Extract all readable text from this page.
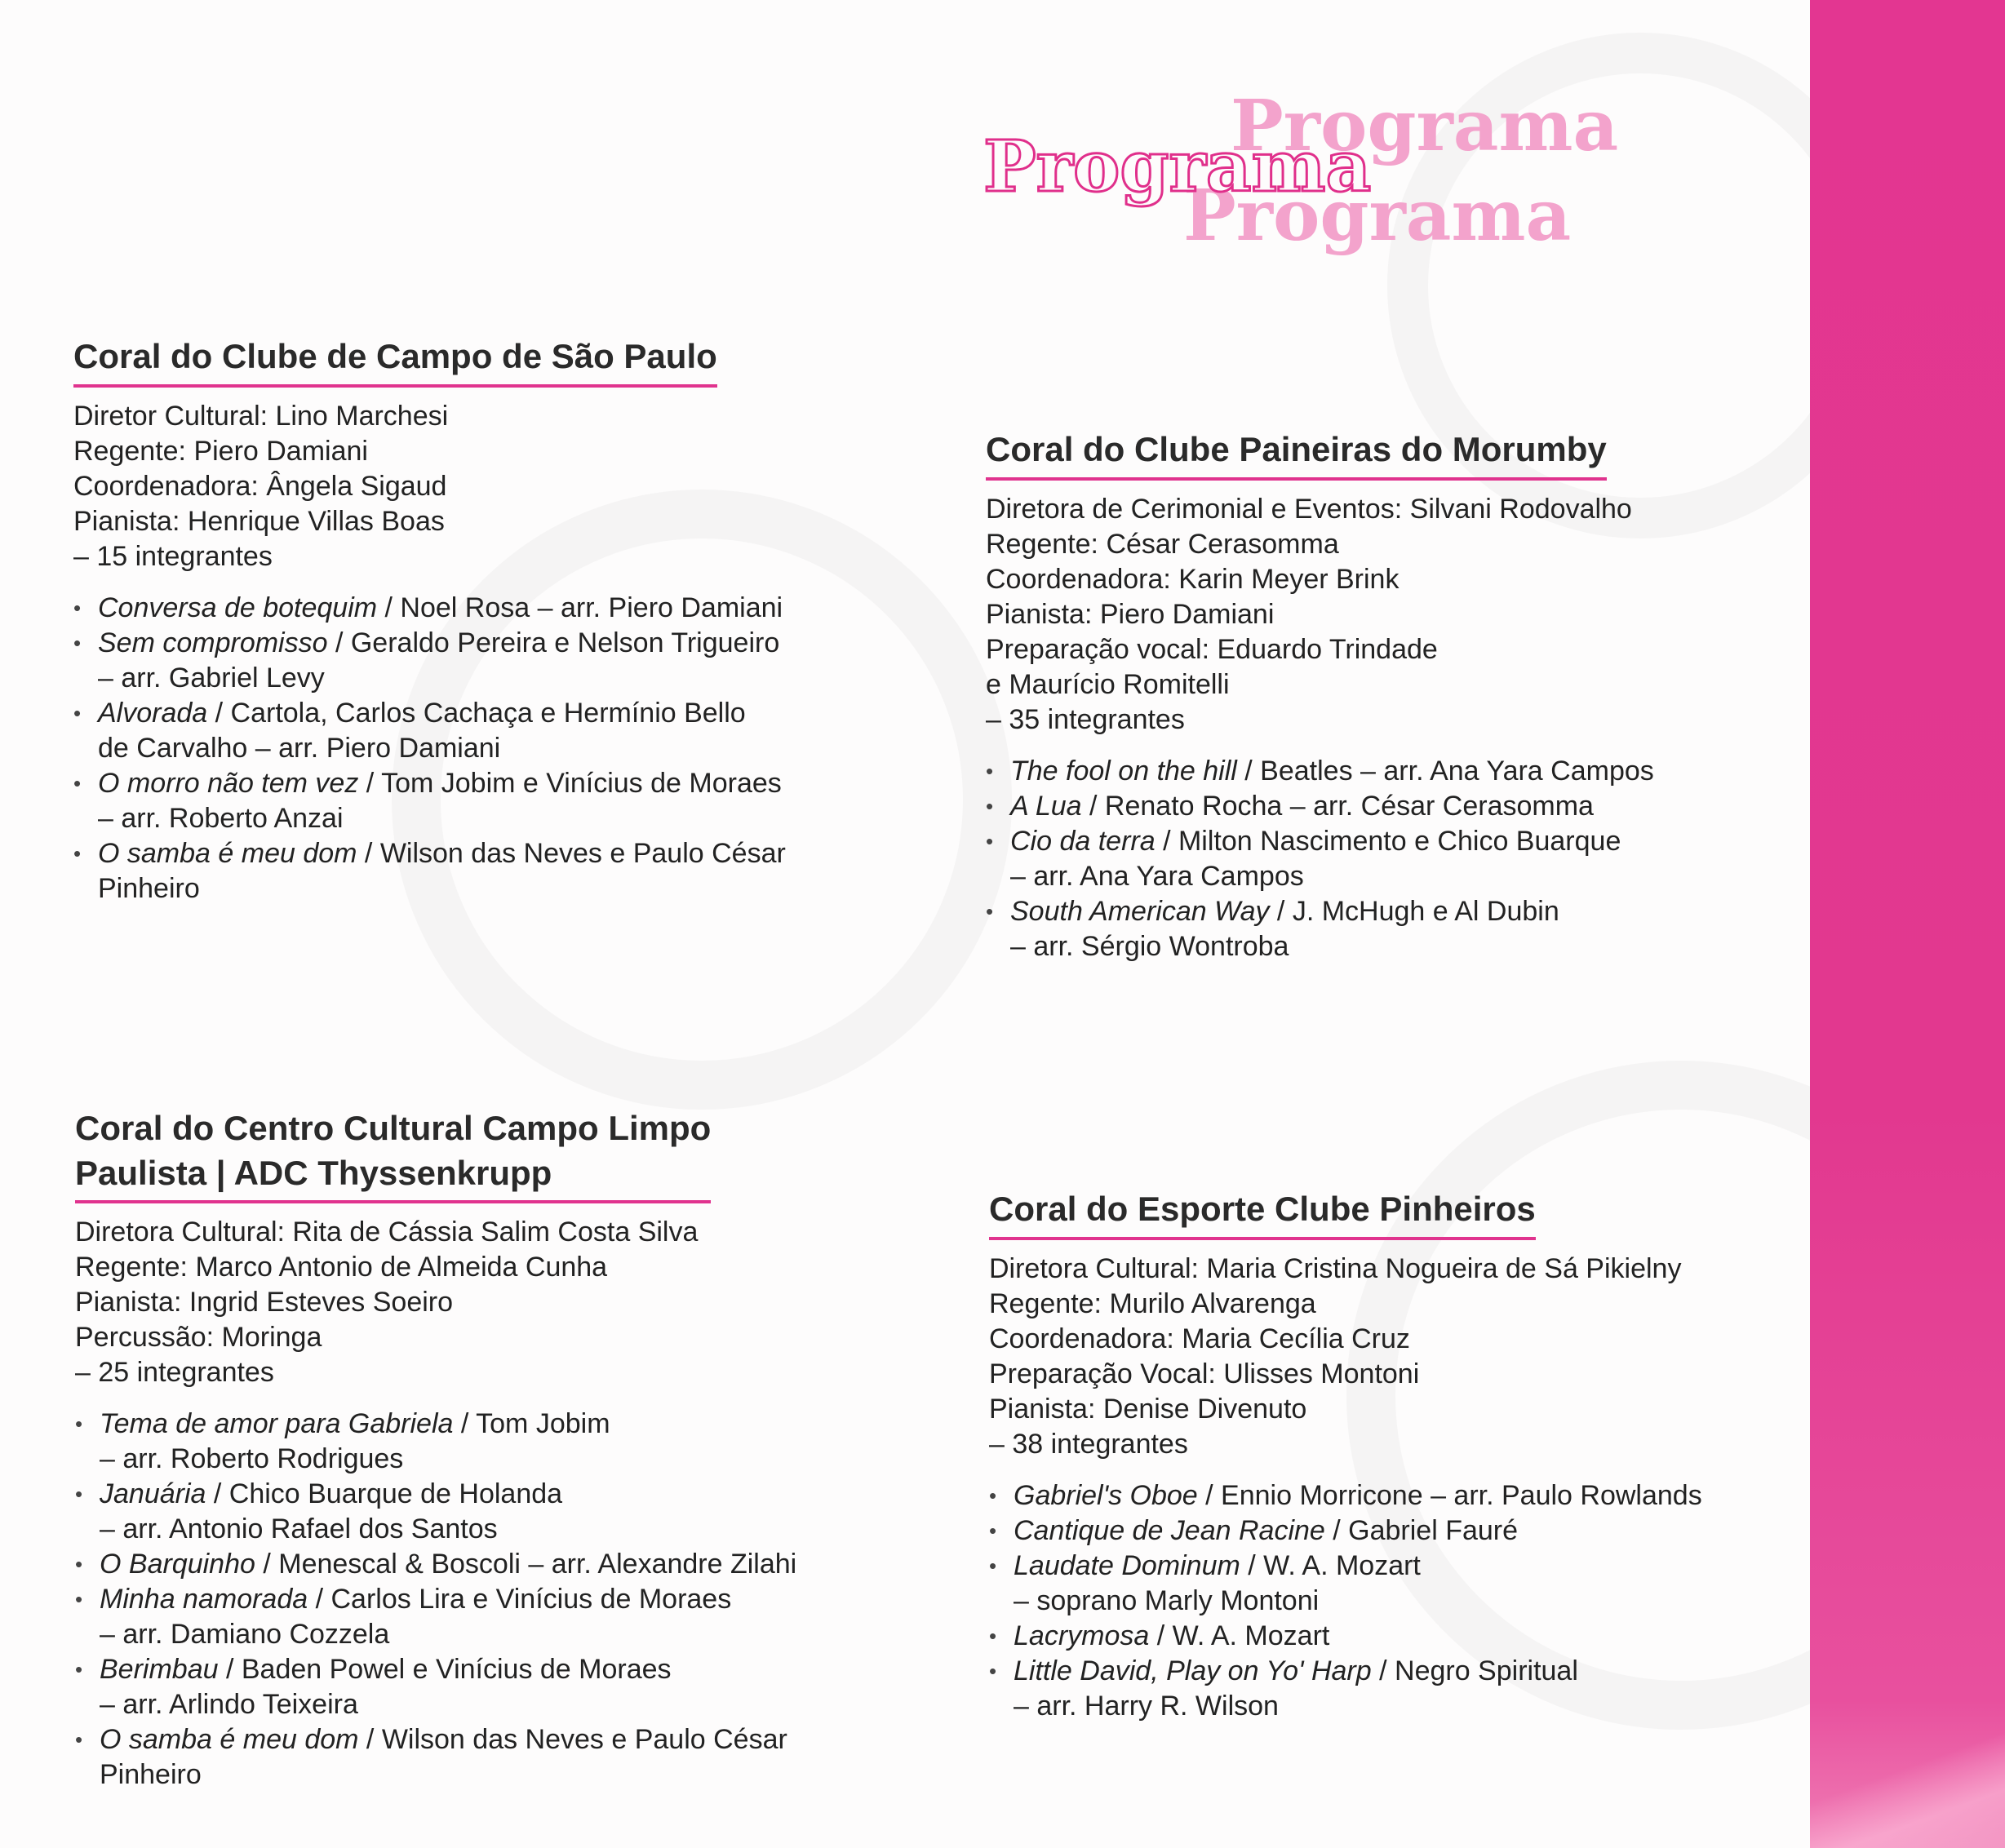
Programa
Programa
Programa
Coral do Clube de Campo de São Paulo
Diretor Cultural: Lino Marchesi
Regente: Piero Damiani
Coordenadora: Ângela Sigaud
Pianista: Henrique Villas Boas
– 15 integrantes
• Conversa de botequim / Noel Rosa – arr. Piero Damiani
• Sem compromisso / Geraldo Pereira e Nelson Trigueiro
– arr. Gabriel Levy
• Alvorada / Cartola, Carlos Cachaça e Hermínio Bello
de Carvalho – arr. Piero Damiani
• O morro não tem vez / Tom Jobim e Vinícius de Moraes
– arr. Roberto Anzai
• O samba é meu dom / Wilson das Neves e Paulo César
Pinheiro
Coral do Clube Paineiras do Morumby
Diretora de Cerimonial e Eventos: Silvani Rodovalho
Regente: César Cerasomma
Coordenadora: Karin Meyer Brink
Pianista: Piero Damiani
Preparação vocal: Eduardo Trindade
e Maurício Romitelli
– 35 integrantes
• The fool on the hill / Beatles – arr. Ana Yara Campos
• A Lua / Renato Rocha – arr. César Cerasomma
• Cio da terra / Milton Nascimento e Chico Buarque
– arr. Ana Yara Campos
• South American Way / J. McHugh e Al Dubin
– arr. Sérgio Wontroba
Coral do Centro Cultural Campo Limpo
Paulista | ADC Thyssenkrupp
Diretora Cultural: Rita de Cássia Salim Costa Silva
Regente: Marco Antonio de Almeida Cunha
Pianista: Ingrid Esteves Soeiro
Percussão: Moringa
– 25 integrantes
• Tema de amor para Gabriela / Tom Jobim
– arr. Roberto Rodrigues
• Januária / Chico Buarque de Holanda
– arr. Antonio Rafael dos Santos
• O Barquinho / Menescal & Boscoli – arr. Alexandre Zilahi
• Minha namorada / Carlos Lira e Vinícius de Moraes
– arr. Damiano Cozzela
• Berimbau / Baden Powel e Vinícius de Moraes
– arr. Arlindo Teixeira
• O samba é meu dom / Wilson das Neves e Paulo César
Pinheiro
Coral do Esporte Clube Pinheiros
Diretora Cultural: Maria Cristina Nogueira de Sá Pikielny
Regente: Murilo Alvarenga
Coordenadora: Maria Cecília Cruz
Preparação Vocal: Ulisses Montoni
Pianista: Denise Divenuto
– 38 integrantes
• Gabriel's Oboe / Ennio Morricone – arr. Paulo Rowlands
• Cantique de Jean Racine / Gabriel Fauré
• Laudate Dominum / W. A. Mozart
– soprano Marly Montoni
• Lacrymosa / W. A. Mozart
• Little David, Play on Yo' Harp / Negro Spiritual
– arr. Harry R. Wilson
